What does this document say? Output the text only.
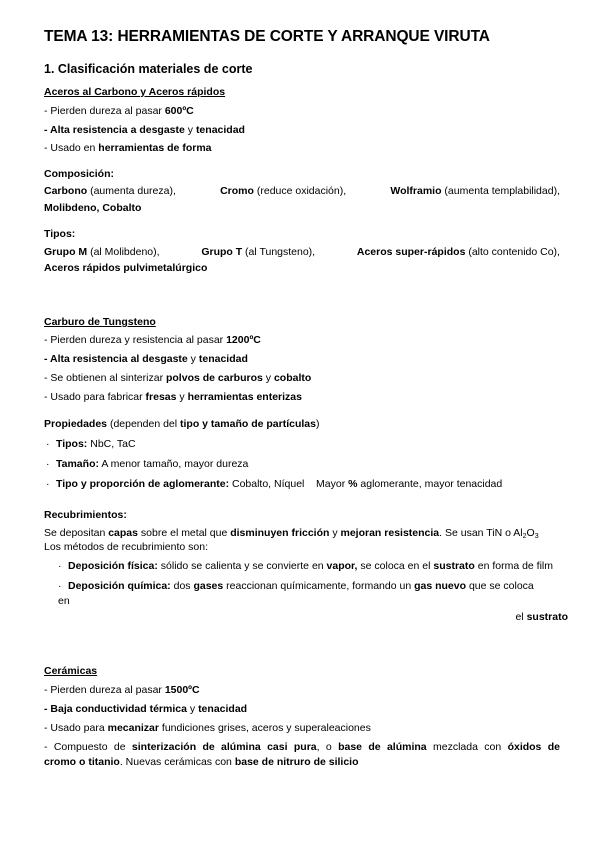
TEMA 13: HERRAMIENTAS DE CORTE Y ARRANQUE VIRUTA
1. Clasificación materiales de corte
Aceros al Carbono y Aceros rápidos
- Pierden dureza al pasar 600ºC
- Alta resistencia a desgaste y tenacidad
- Usado en herramientas de forma
Composición:
Carbono (aumenta dureza),	Cromo (reduce oxidación),	Wolframio (aumenta templabilidad),
Molibdeno, Cobalto
Tipos:
Grupo M (al Molibdeno),	Grupo T (al Tungsteno),	Aceros super-rápidos (alto contenido Co),
Aceros rápidos pulvimetalúrgico
Carburo de Tungsteno
- Pierden dureza y resistencia al pasar 1200ºC
- Alta resistencia al desgaste y tenacidad
- Se obtienen al sinterizar polvos de carburos y cobalto
- Usado para fabricar fresas y herramientas enterizas
Propiedades (dependen del tipo y tamaño de partículas)
· Tipos: NbC, TaC
· Tamaño: A menor tamaño, mayor dureza
· Tipo y proporción de aglomerante: Cobalto, Níquel    Mayor % aglomerante, mayor tenacidad
Recubrimientos:
Se depositan capas sobre el metal que disminuyen fricción y mejoran resistencia. Se usan TiN o $Al_2O_3$
Los métodos de recubrimiento son:
· Deposición física: sólido se calienta y se convierte en vapor, se coloca en el sustrato en forma de film
· Deposición química: dos gases reaccionan químicamente, formando un gas nuevo que se coloca
en
el sustrato
Cerámicas
- Pierden dureza al pasar 1500ºC
- Baja conductividad térmica y tenacidad
- Usado para mecanizar fundiciones grises, aceros y superaleaciones
- Compuesto de sinterización de alúmina casi pura, o base de alúmina mezclada con óxidos de
cromo o titanio. Nuevas cerámicas con base de nitruro de silicio
